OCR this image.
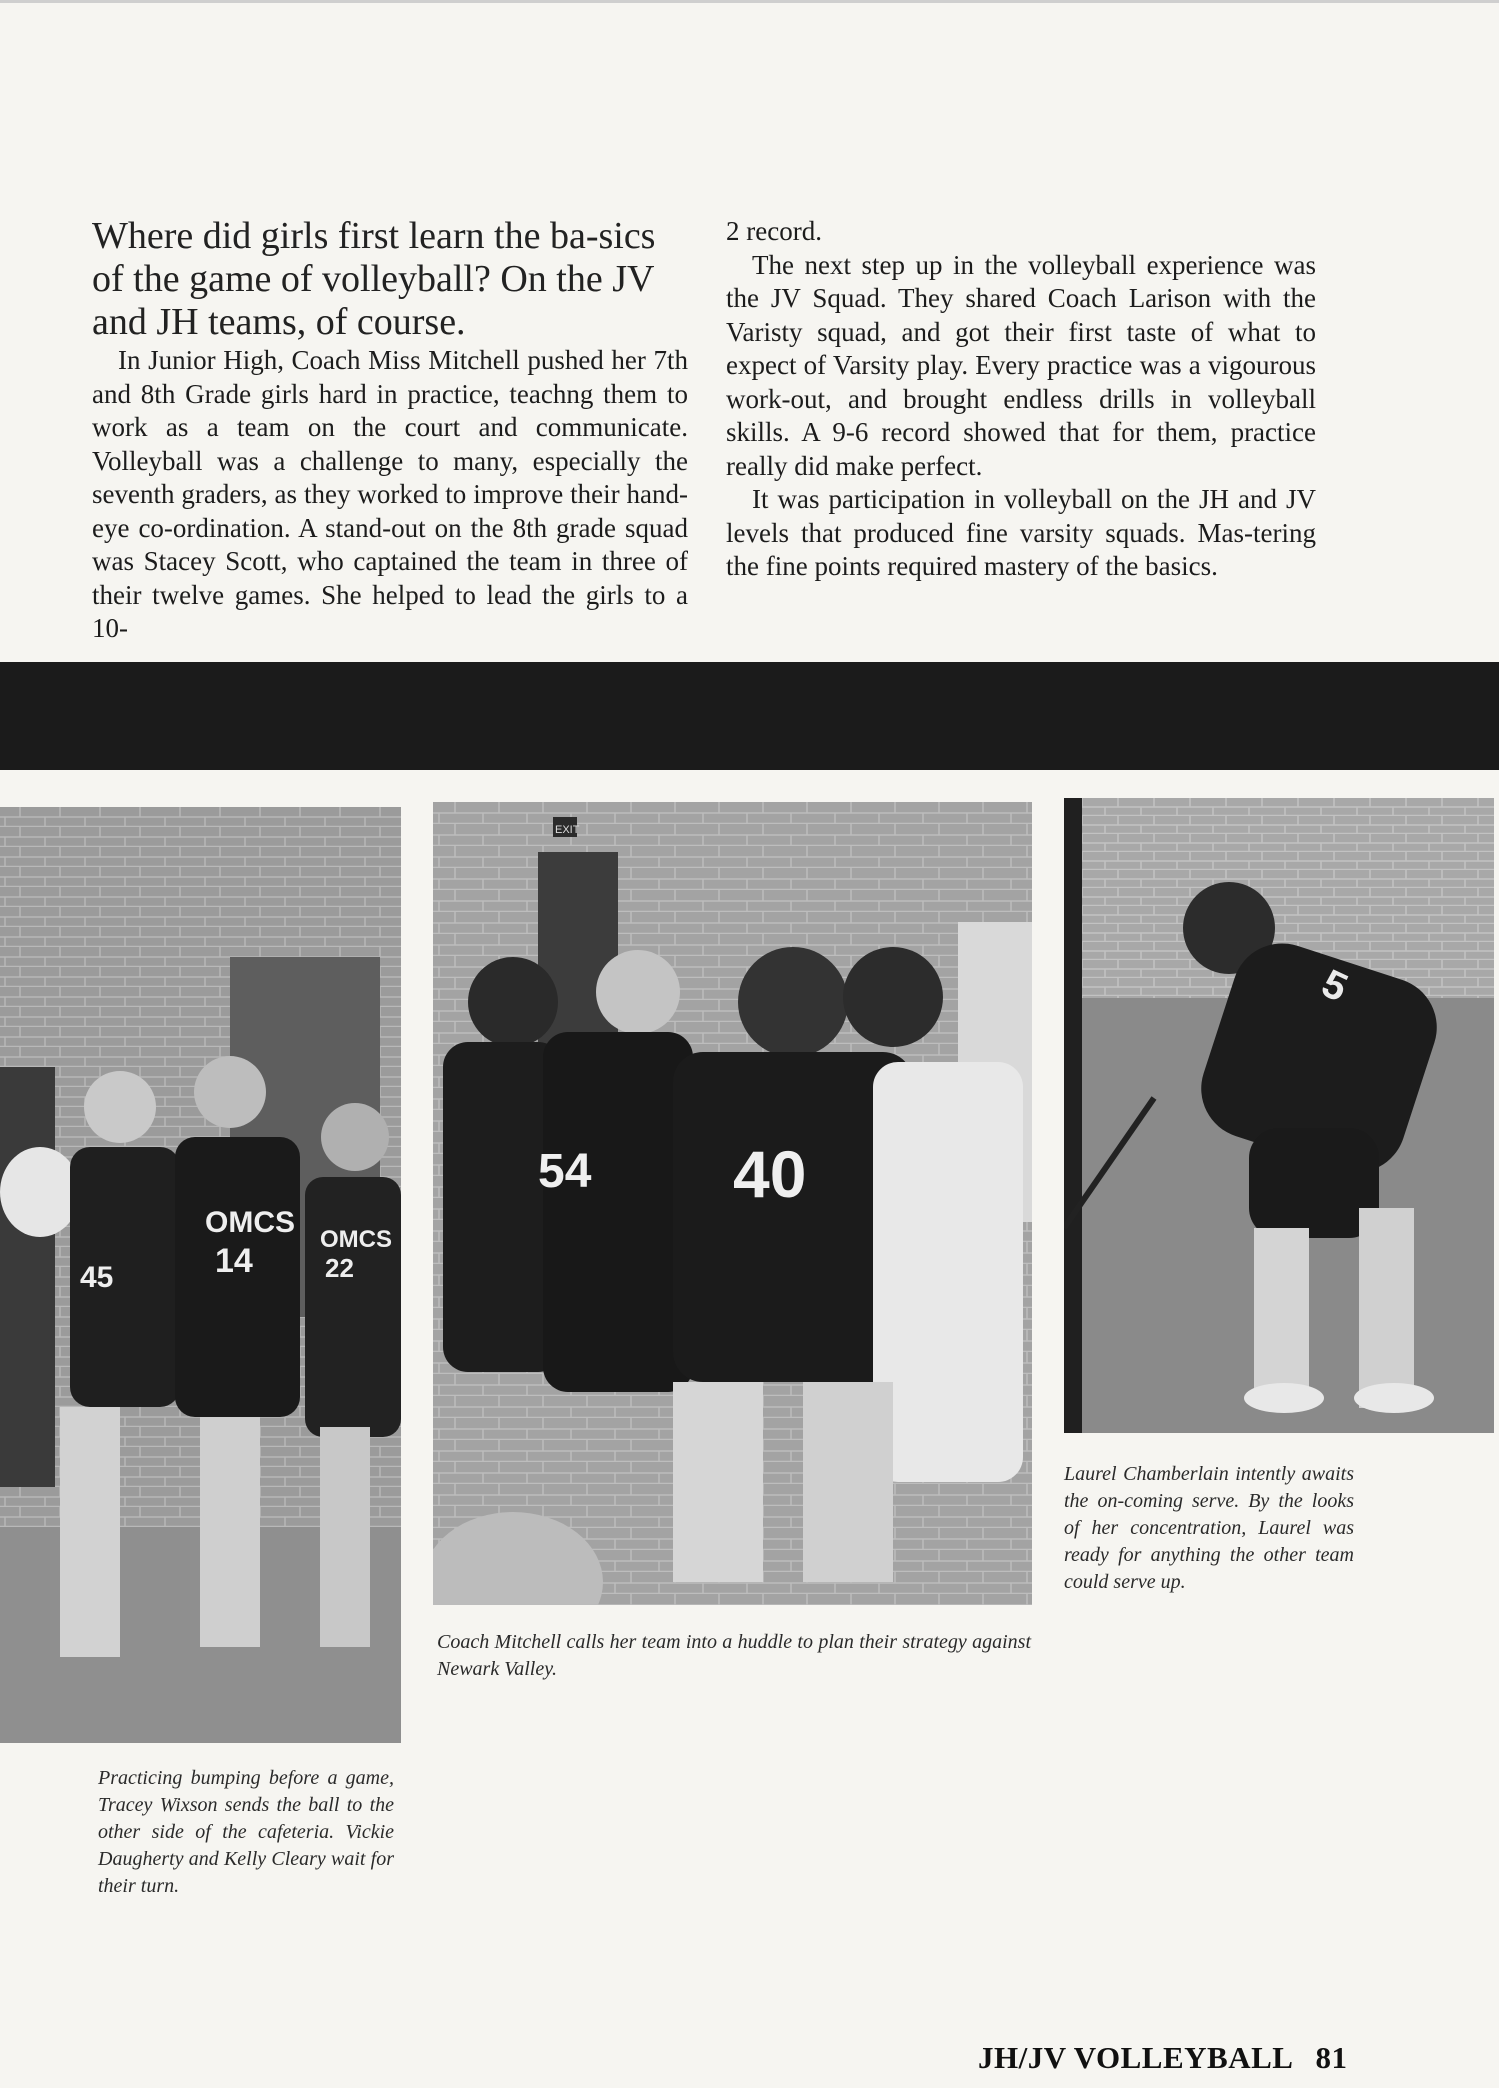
Where did girls first learn the ba-sics of the game of volleyball? On the JV and JH teams, of course.

In Junior High, Coach Miss Mitchell pushed her 7th and 8th Grade girls hard in practice, teachng them to work as a team on the court and communicate. Volleyball was a challenge to many, especially the seventh graders, as they worked to improve their hand-eye co-ordination. A stand-out on the 8th grade squad was Stacey Scott, who captained the team in three of their twelve games. She helped to lead the girls to a 10-

2 record.

The next step up in the volleyball experience was the JV Squad. They shared Coach Larison with the Varisty squad, and got their first taste of what to expect of Varsity play. Every practice was a vigourous work-out, and brought endless drills in volleyball skills. A 9-6 record showed that for them, practice really did make perfect.

It was participation in volleyball on the JH and JV levels that produced fine varsity squads. Mas-tering the fine points required mastery of the basics.

OMCS
14
OMCS
22
45
EXIT
40
54
5
Practicing bumping before a game, Tracey Wixson sends the ball to the other side of the cafeteria. Vickie Daugherty and Kelly Cleary wait for their turn.
Coach Mitchell calls her team into a huddle to plan their strategy against Newark Valley.
Laurel Chamberlain intently awaits the on-coming serve. By the looks of her concentration, Laurel was ready for anything the other team could serve up.
JH/JV VOLLEYBALL 81
